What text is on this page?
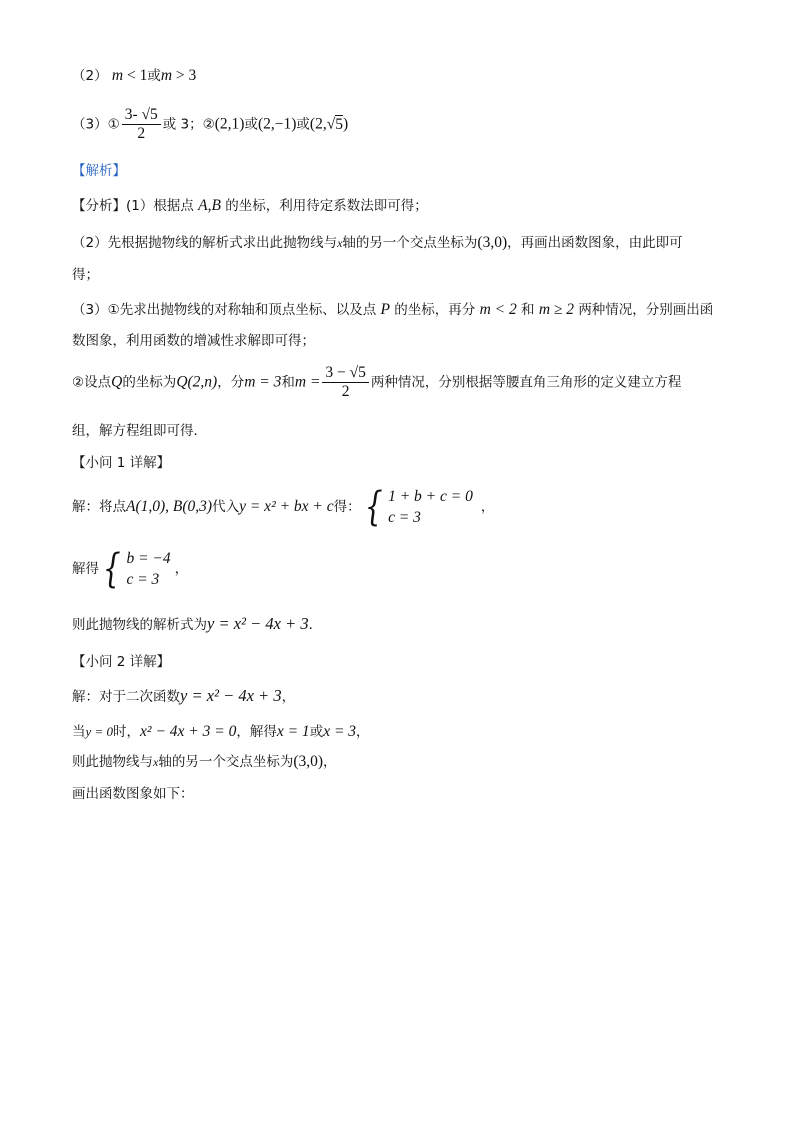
（2） m < 1或m > 3
（3）① $\frac{3- √5}{2}$ 或 3；②(2,1)或(2,−1)或(2,√5)
【解析】
【分析】(1）根据点 A,B 的坐标，利用待定系数法即可得；
（2）先根据抛物线的解析式求出此抛物线与x轴的另一个交点坐标为(3,0)，再画出函数图象，由此即可
得；
（3）①先求出抛物线的对称轴和顶点坐标、以及点 P 的坐标，再分 m < 2 和 m ≥ 2 两种情况，分别画出函
数图象，利用函数的增减性求解即可得；
②设点Q的坐标为Q(2,n)，分m = 3和$m = \frac{3 - √5}{2}$ 两种情况，分别根据等腰直角三角形的定义建立方程
组，解方程组即可得．
【小问 1 详解】
解：将点A(1,0), B(0,3)代入y = x² + bx + c得： { 1 + b + c = 0
c = 3
，
解得 { b = −4
c = 3
，
则此抛物线的解析式为y = x² − 4x + 3．
【小问 2 详解】
解：对于二次函数y = x² − 4x + 3，
当y = 0时，x² − 4x + 3 = 0，解得x = 1或x = 3，
则此抛物线与x轴的另一个交点坐标为(3,0)，
画出函数图象如下：
